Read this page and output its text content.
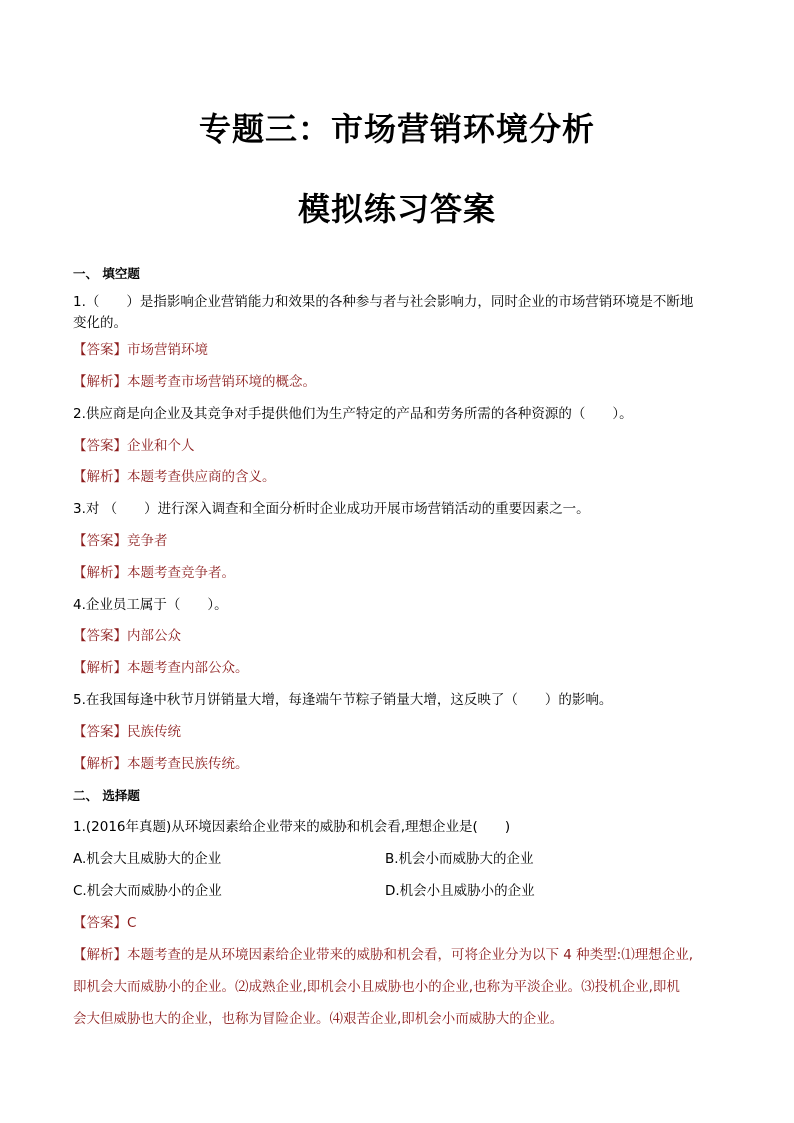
专题三：市场营销环境分析
模拟练习答案
一、 填空题
1.（　　）是指影响企业营销能力和效果的各种参与者与社会影响力，同时企业的市场营销环境是不断地
变化的。
【答案】市场营销环境
【解析】本题考查市场营销环境的概念。
2.供应商是向企业及其竞争对手提供他们为生产特定的产品和劳务所需的各种资源的（　　）。
【答案】企业和个人
【解析】本题考查供应商的含义。
3.对 （　　）进行深入调查和全面分析时企业成功开展市场营销活动的重要因素之一。
【答案】竞争者
【解析】本题考查竞争者。
4.企业员工属于（　　）。
【答案】内部公众
【解析】本题考查内部公众。
5.在我国每逢中秋节月饼销量大增，每逢端午节粽子销量大增，这反映了（　　）的影响。
【答案】民族传统
【解析】本题考查民族传统。
二、 选择题
1.(2016年真题)从环境因素给企业带来的威胁和机会看,理想企业是(　　)
A.机会大且威胁大的企业	B.机会小而威胁大的企业
C.机会大而威胁小的企业	D.机会小且威胁小的企业
【答案】C
【解析】本题考查的是从环境因素给企业带来的威胁和机会看，可将企业分为以下 4 种类型:⑴理想企业,
即机会大而威胁小的企业。⑵成熟企业,即机会小且威胁也小的企业,也称为平淡企业。⑶投机企业,即机
会大但威胁也大的企业，也称为冒险企业。⑷艰苦企业,即机会小而威胁大的企业。
